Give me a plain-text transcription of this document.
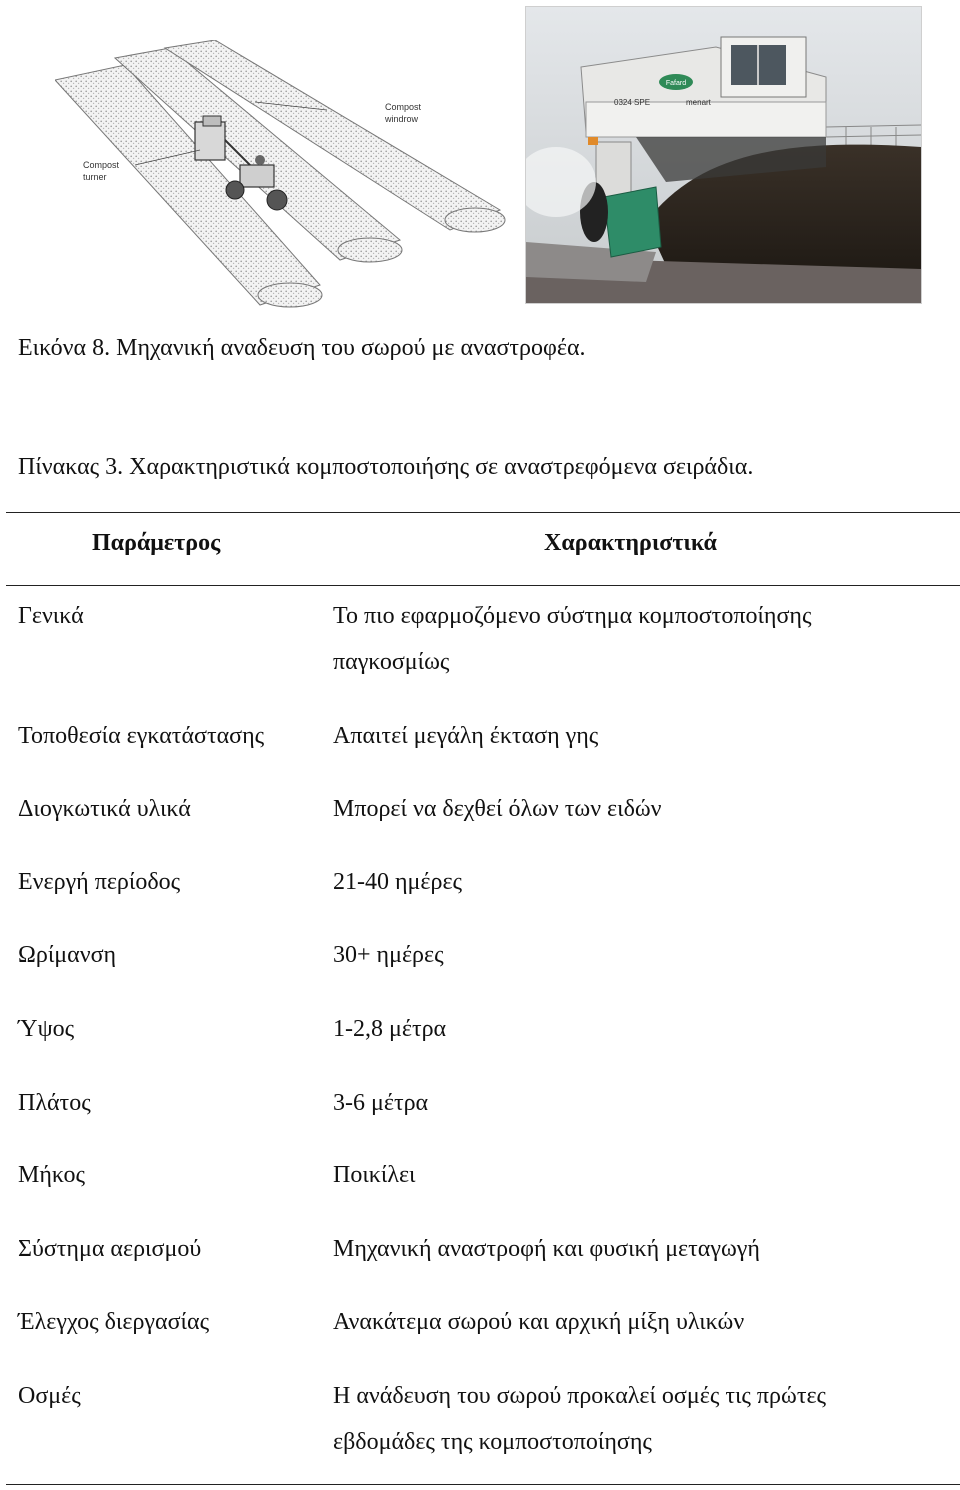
Compost
windrow
Compost
turner
Fafard
0324 SPE	menart
Εικόνα 8. Μηχανική αναδευση του σωρού με αναστροφέα.
Πίνακας 3. Χαρακτηριστικά κομποστοποιήσης σε αναστρεφόμενα σειράδια.
Παράμετρος	Χαρακτηριστικά
Γενικά	Το πιο εφαρμοζόμενο σύστημα κομποστοποίησης
παγκοσμίως
Τοποθεσία εγκατάστασης	Απαιτεί μεγάλη έκταση γης
Διογκωτικά υλικά	Μπορεί να δεχθεί όλων των ειδών
Ενεργή περίοδος	21-40 ημέρες
Ωρίμανση	30+ ημέρες
Ύψος	1-2,8 μέτρα
Πλάτος	3-6 μέτρα
Μήκος	Ποικίλει
Σύστημα αερισμού	Μηχανική αναστροφή και φυσική μεταγωγή
Έλεγχος διεργασίας	Ανακάτεμα σωρού και αρχική μίξη υλικών
Οσμές	Η ανάδευση του σωρού προκαλεί οσμές τις πρώτες
εβδομάδες της κομποστοποίησης
